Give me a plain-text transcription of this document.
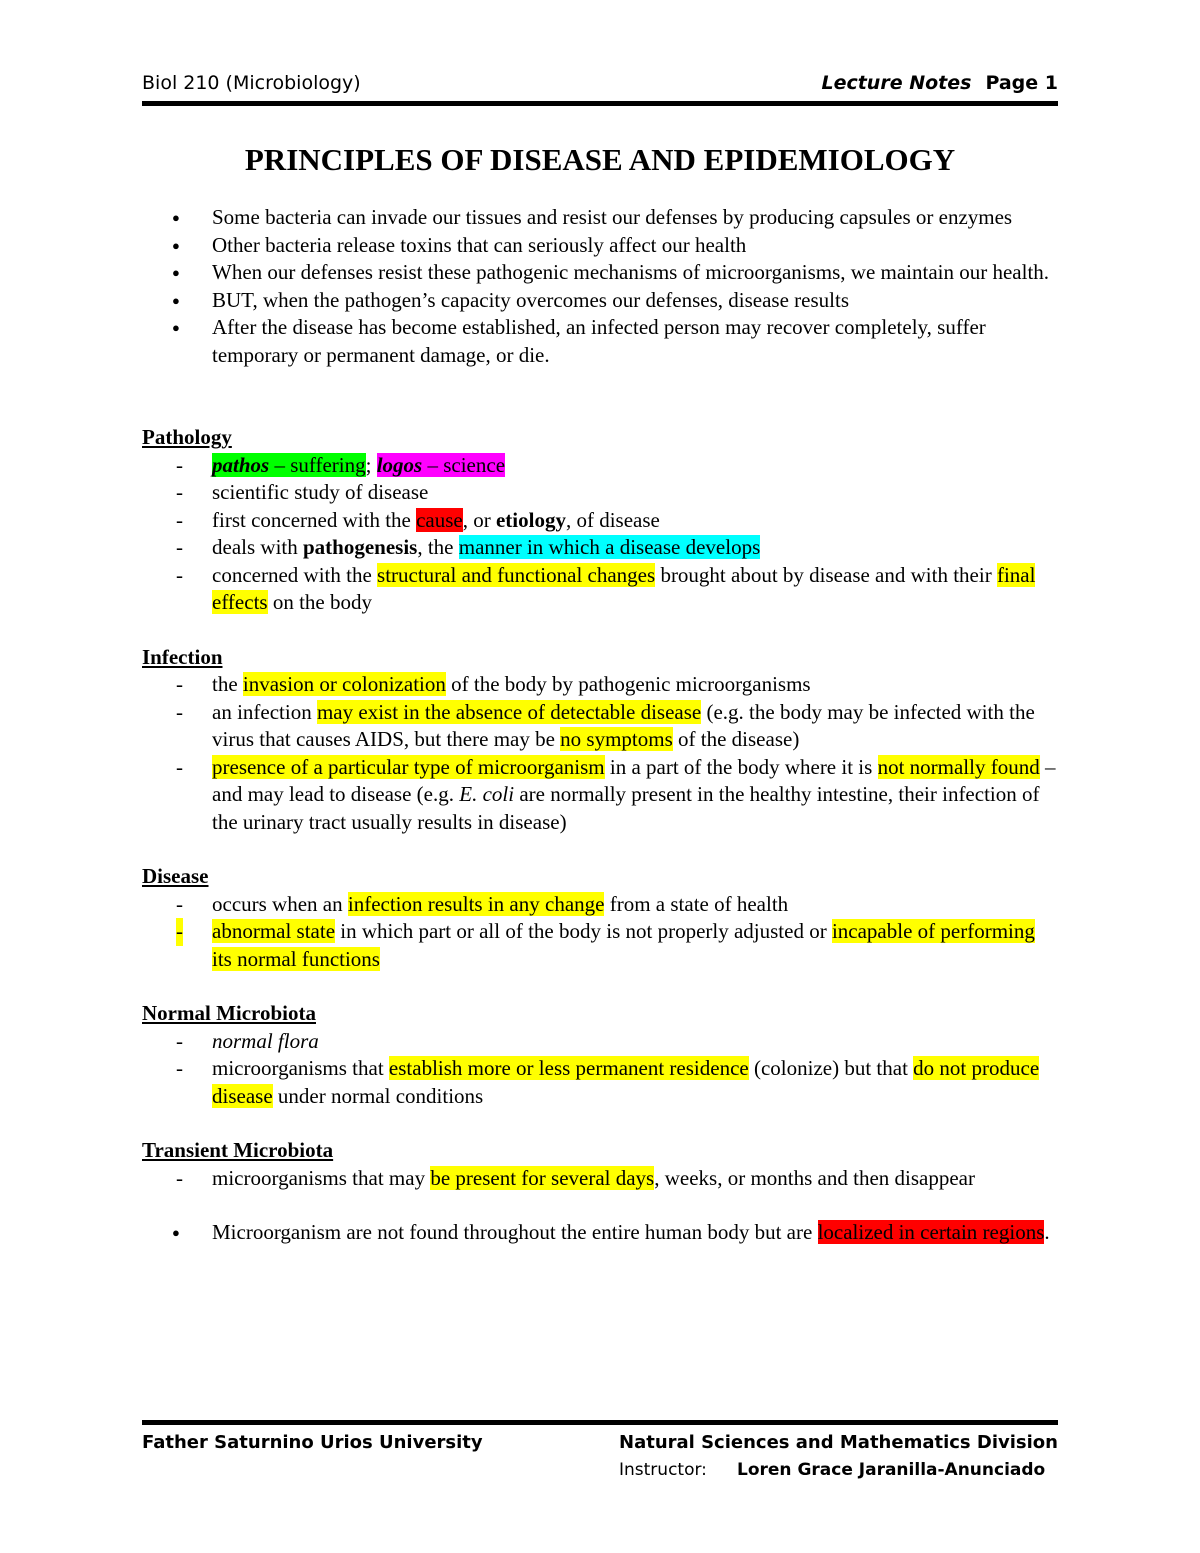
Biol 210 (Microbiology)	Lecture Notes Page 1
PRINCIPLES OF DISEASE AND EPIDEMIOLOGY
● Some bacteria can invade our tissues and resist our defenses by producing capsules or enzymes
● Other bacteria release toxins that can seriously affect our health
● When our defenses resist these pathogenic mechanisms of microorganisms, we maintain our health.
● BUT, when the pathogen’s capacity overcomes our defenses, disease results
● After the disease has become established, an infected person may recover completely, suffer temporary or permanent damage, or die.
Pathology
- pathos – suffering; logos – science
- scientific study of disease
- first concerned with the cause, or etiology, of disease
- deals with pathogenesis, the manner in which a disease develops
- concerned with the structural and functional changes brought about by disease and with their final effects on the body
Infection
- the invasion or colonization of the body by pathogenic microorganisms
- an infection may exist in the absence of detectable disease (e.g. the body may be infected with the virus that causes AIDS, but there may be no symptoms of the disease)
- presence of a particular type of microorganism in a part of the body where it is not normally found – and may lead to disease (e.g. E. coli are normally present in the healthy intestine, their infection of the urinary tract usually results in disease)
Disease
- occurs when an infection results in any change from a state of health
- abnormal state in which part or all of the body is not properly adjusted or incapable of performing its normal functions
Normal Microbiota
- normal flora
- microorganisms that establish more or less permanent residence (colonize) but that do not produce disease under normal conditions
Transient Microbiota
- microorganisms that may be present for several days, weeks, or months and then disappear
● Microorganism are not found throughout the entire human body but are localized in certain regions.
Father Saturnino Urios University	Natural Sciences and Mathematics Division
Instructor: Loren Grace Jaranilla-Anunciado
